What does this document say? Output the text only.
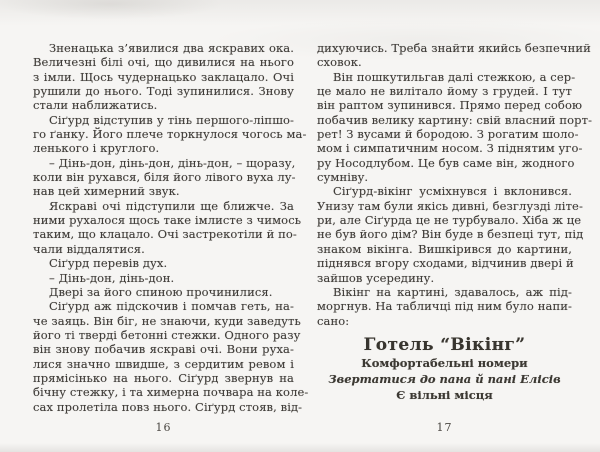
Зненацька з’явилися два яскравих ока.
Величезні білі очі, що дивилися на нього
з імли. Щось чудернацько заклацало. Очі
рушили до нього. Тоді зупинилися. Знову
стали наближатись.
Сіґурд відступив у тінь першого-ліпшо-
го ґанку. Його плече торкнулося чогось ма-
ленького і круглого.
– Дінь-дон, дінь-дон, дінь-дон, – щоразу,
коли він рухався, біля його лівого вуха лу-
нав цей химерний звук.
Яскраві очі підступили ще ближче. За
ними рухалося щось таке імлисте з чимось
таким, що клацало. Очі застрекотіли й по-
чали віддалятися.
Сіґурд перевів дух.
– Дінь-дон, дінь-дон.
Двері за його спиною прочинилися.
Сіґурд аж підскочив і помчав геть, на-
че заяць. Він біг, не знаючи, куди заведуть
його ті тверді бетонні стежки. Одного разу
він знову побачив яскраві очі. Вони руха-
лися значно швидше, з сердитим ревом і
прямісінько на нього. Сіґурд звернув на
бічну стежку, і та химерна почвара на коле-
сах пролетіла повз нього. Сіґурд стояв, від-
16
дихуючись. Треба знайти якийсь безпечний
сховок.
Він пошкутильгав далі стежкою, а сер-
це мало не вилітало йому з грудей. І тут
він раптом зупинився. Прямо перед собою
побачив велику картину: свій власний порт-
рет! З вусами й бородою. З рогатим шоло-
мом і симпатичним носом. З піднятим уго-
ру Носодлубом. Це був саме він, жодного
сумніву.
Сіґурд-вікінг усміхнувся і вклонився.
Унизу там були якісь дивні, безглузді літе-
ри, але Сіґурда це не турбувало. Хіба ж це
не був його дім? Він буде в безпеці тут, під
знаком вікінга. Вишкірився до картини,
піднявся вгору сходами, відчинив двері й
зайшов усередину.
Вікінг на картині, здавалось, аж під-
моргнув. На табличці під ним було напи-
сано:
Готель “Вікінг”
Комфортабельні номери
Звертатися до пана й пані Елісів
Є вільні місця
17
